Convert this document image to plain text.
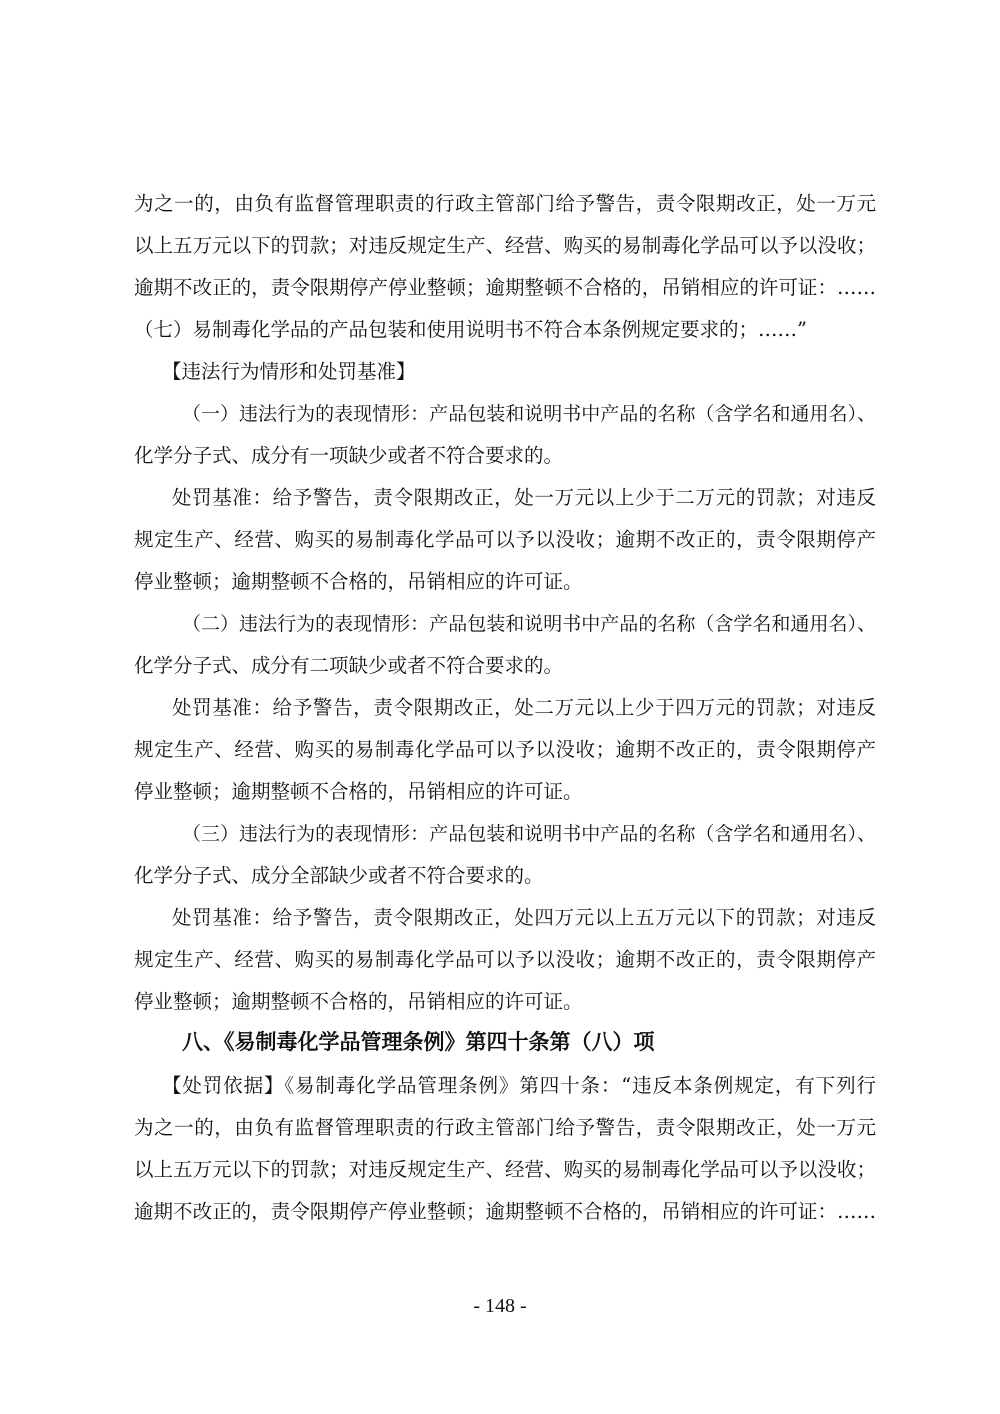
为之一的，由负有监督管理职责的行政主管部门给予警告，责令限期改正，处一万元
以上五万元以下的罚款；对违反规定生产、经营、购买的易制毒化学品可以予以没收；
逾期不改正的，责令限期停产停业整顿；逾期整顿不合格的，吊销相应的许可证：……
（七）易制毒化学品的产品包装和使用说明书不符合本条例规定要求的；……”
【违法行为情形和处罚基准】
（一）违法行为的表现情形：产品包装和说明书中产品的名称（含学名和通用名）、
化学分子式、成分有一项缺少或者不符合要求的。
处罚基准：给予警告，责令限期改正，处一万元以上少于二万元的罚款；对违反
规定生产、经营、购买的易制毒化学品可以予以没收；逾期不改正的，责令限期停产
停业整顿；逾期整顿不合格的，吊销相应的许可证。
（二）违法行为的表现情形：产品包装和说明书中产品的名称（含学名和通用名）、
化学分子式、成分有二项缺少或者不符合要求的。
处罚基准：给予警告，责令限期改正，处二万元以上少于四万元的罚款；对违反
规定生产、经营、购买的易制毒化学品可以予以没收；逾期不改正的，责令限期停产
停业整顿；逾期整顿不合格的，吊销相应的许可证。
（三）违法行为的表现情形：产品包装和说明书中产品的名称（含学名和通用名）、
化学分子式、成分全部缺少或者不符合要求的。
处罚基准：给予警告，责令限期改正，处四万元以上五万元以下的罚款；对违反
规定生产、经营、购买的易制毒化学品可以予以没收；逾期不改正的，责令限期停产
停业整顿；逾期整顿不合格的，吊销相应的许可证。
八、《易制毒化学品管理条例》第四十条第（八）项
【处罚依据】《易制毒化学品管理条例》第四十条：“违反本条例规定，有下列行
为之一的，由负有监督管理职责的行政主管部门给予警告，责令限期改正，处一万元
以上五万元以下的罚款；对违反规定生产、经营、购买的易制毒化学品可以予以没收；
逾期不改正的，责令限期停产停业整顿；逾期整顿不合格的，吊销相应的许可证：……
- 148 -
